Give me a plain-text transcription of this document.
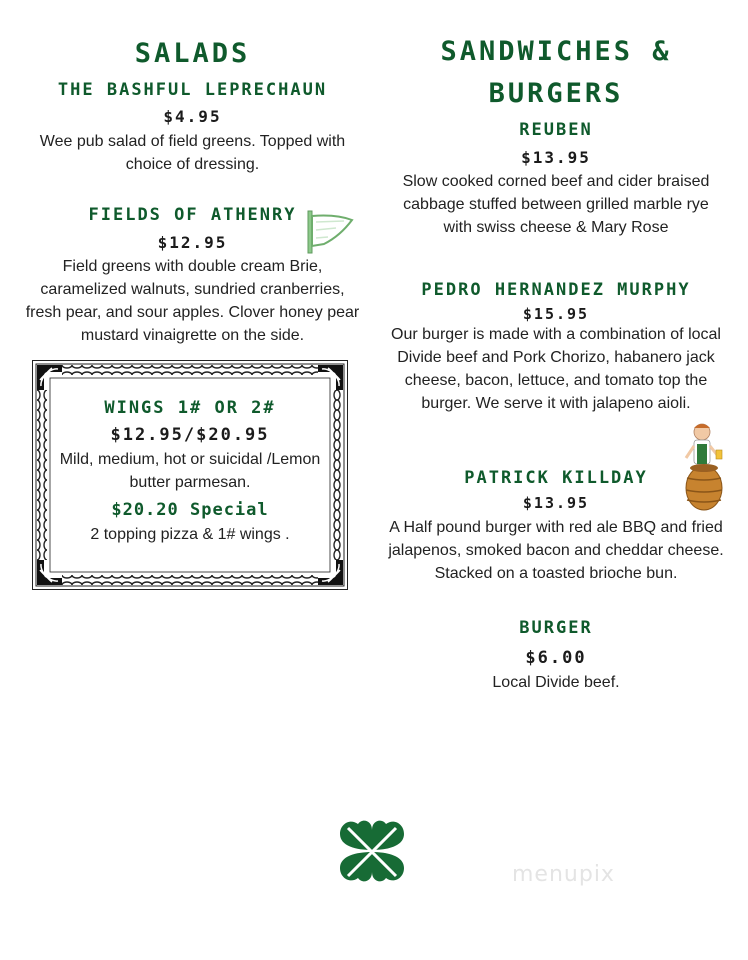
SALADS
THE BASHFUL LEPRECHAUN
$4.95
Wee pub salad of field greens. Topped with
choice of dressing.
FIELDS OF ATHENRY
$12.95
Field greens with double cream Brie,
caramelized walnuts, sundried cranberries,
fresh pear, and sour apples. Clover honey pear
mustard vinaigrette on the side.
WINGS 1# OR 2#
$12.95/$20.95
Mild, medium, hot or suicidal /Lemon
butter parmesan.
$20.20 Special
2 topping pizza & 1# wings .
SANDWICHES &
BURGERS
REUBEN
$13.95
Slow cooked corned beef and cider braised
cabbage stuffed between grilled marble rye
with swiss cheese & Mary Rose
PEDRO HERNANDEZ MURPHY
$15.95
Our burger is made with a combination of local
Divide beef and Pork Chorizo, habanero jack
cheese, bacon, lettuce, and tomato top the
burger. We serve it with jalapeno aioli.
PATRICK KILLDAY
$13.95
A Half pound burger with red ale BBQ and fried
jalapenos, smoked bacon and cheddar cheese.
Stacked on a toasted brioche bun.
BURGER
$6.00
Local Divide beef.
menupix
